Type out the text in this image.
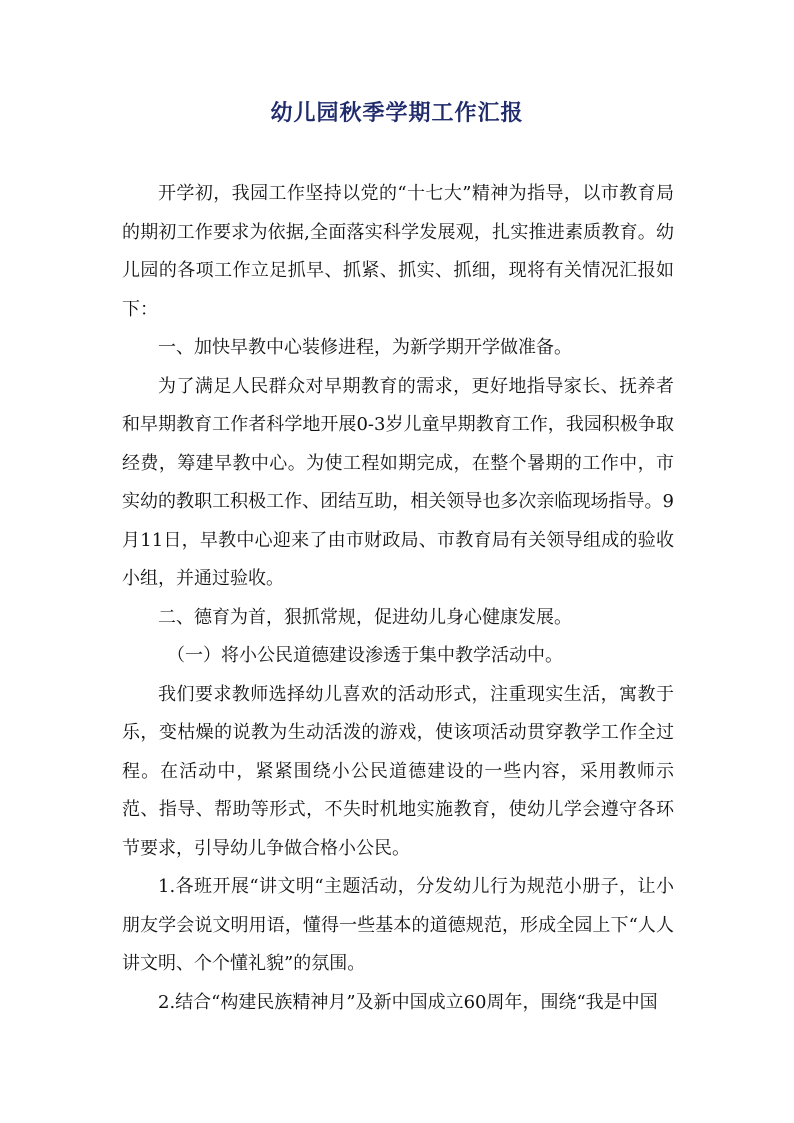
幼儿园秋季学期工作汇报

开学初，我园工作坚持以党的“十七大”精神为指导，以市教育局的期初工作要求为依据,全面落实科学发展观，扎实推进素质教育。幼儿园的各项工作立足抓早、抓紧、抓实、抓细，现将有关情况汇报如下：

一、加快早教中心装修进程，为新学期开学做准备。

为了满足人民群众对早期教育的需求，更好地指导家长、抚养者和早期教育工作者科学地开展0-3岁儿童早期教育工作，我园积极争取经费，筹建早教中心。为使工程如期完成，在整个暑期的工作中，市实幼的教职工积极工作、团结互助，相关领导也多次亲临现场指导。9月11日，早教中心迎来了由市财政局、市教育局有关领导组成的验收小组，并通过验收。

二、德育为首，狠抓常规，促进幼儿身心健康发展。

（一）将小公民道德建设渗透于集中教学活动中。

我们要求教师选择幼儿喜欢的活动形式，注重现实生活，寓教于乐，变枯燥的说教为生动活泼的游戏，使该项活动贯穿教学工作全过程。在活动中，紧紧围绕小公民道德建设的一些内容，采用教师示范、指导、帮助等形式，不失时机地实施教育，使幼儿学会遵守各环节要求，引导幼儿争做合格小公民。

1.各班开展“讲文明“主题活动，分发幼儿行为规范小册子，让小朋友学会说文明用语，懂得一些基本的道德规范，形成全园上下“人人讲文明、个个懂礼貌”的氛围。

2.结合“构建民族精神月”及新中国成立60周年，围绕“我是中国
